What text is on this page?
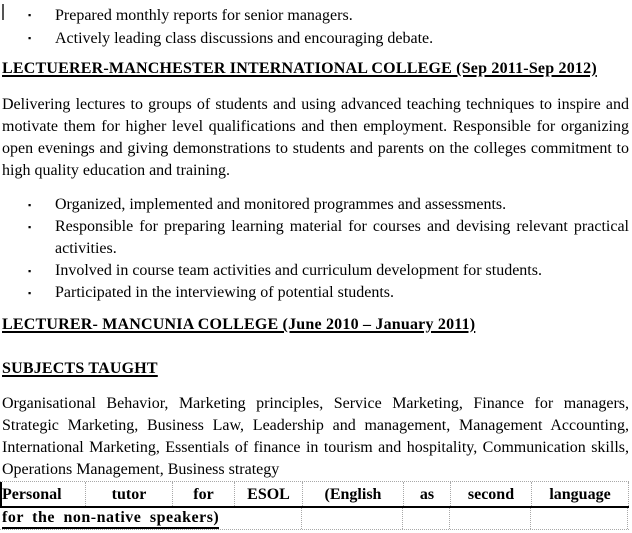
▪	Prepared monthly reports for senior managers.
▪	Actively leading class discussions and encouraging debate.
LECTUERER-MANCHESTER INTERNATIONAL COLLEGE (Sep 2011-Sep 2012)
Delivering lectures to groups of students and using advanced teaching techniques to inspire and motivate them for higher level qualifications and then employment. Responsible for organizing open evenings and giving demonstrations to students and parents on the colleges commitment to high quality education and training.
▪	Organized, implemented and monitored programmes and assessments.
▪	Responsible for preparing learning material for courses and devising relevant practical activities.
▪	Involved in course team activities and curriculum development for students.
▪	Participated in the interviewing of potential students.
LECTURER- MANCUNIA COLLEGE (June 2010 – January 2011)
SUBJECTS TAUGHT
Organisational Behavior, Marketing principles, Service Marketing, Finance for managers, Strategic Marketing, Business Law, Leadership and management, Management Accounting, International Marketing, Essentials of finance in tourism and hospitality, Communication skills, Operations Management, Business strategy
Personal	tutor	for	ESOL	(English	as	second	language
for the non-native speakers)
